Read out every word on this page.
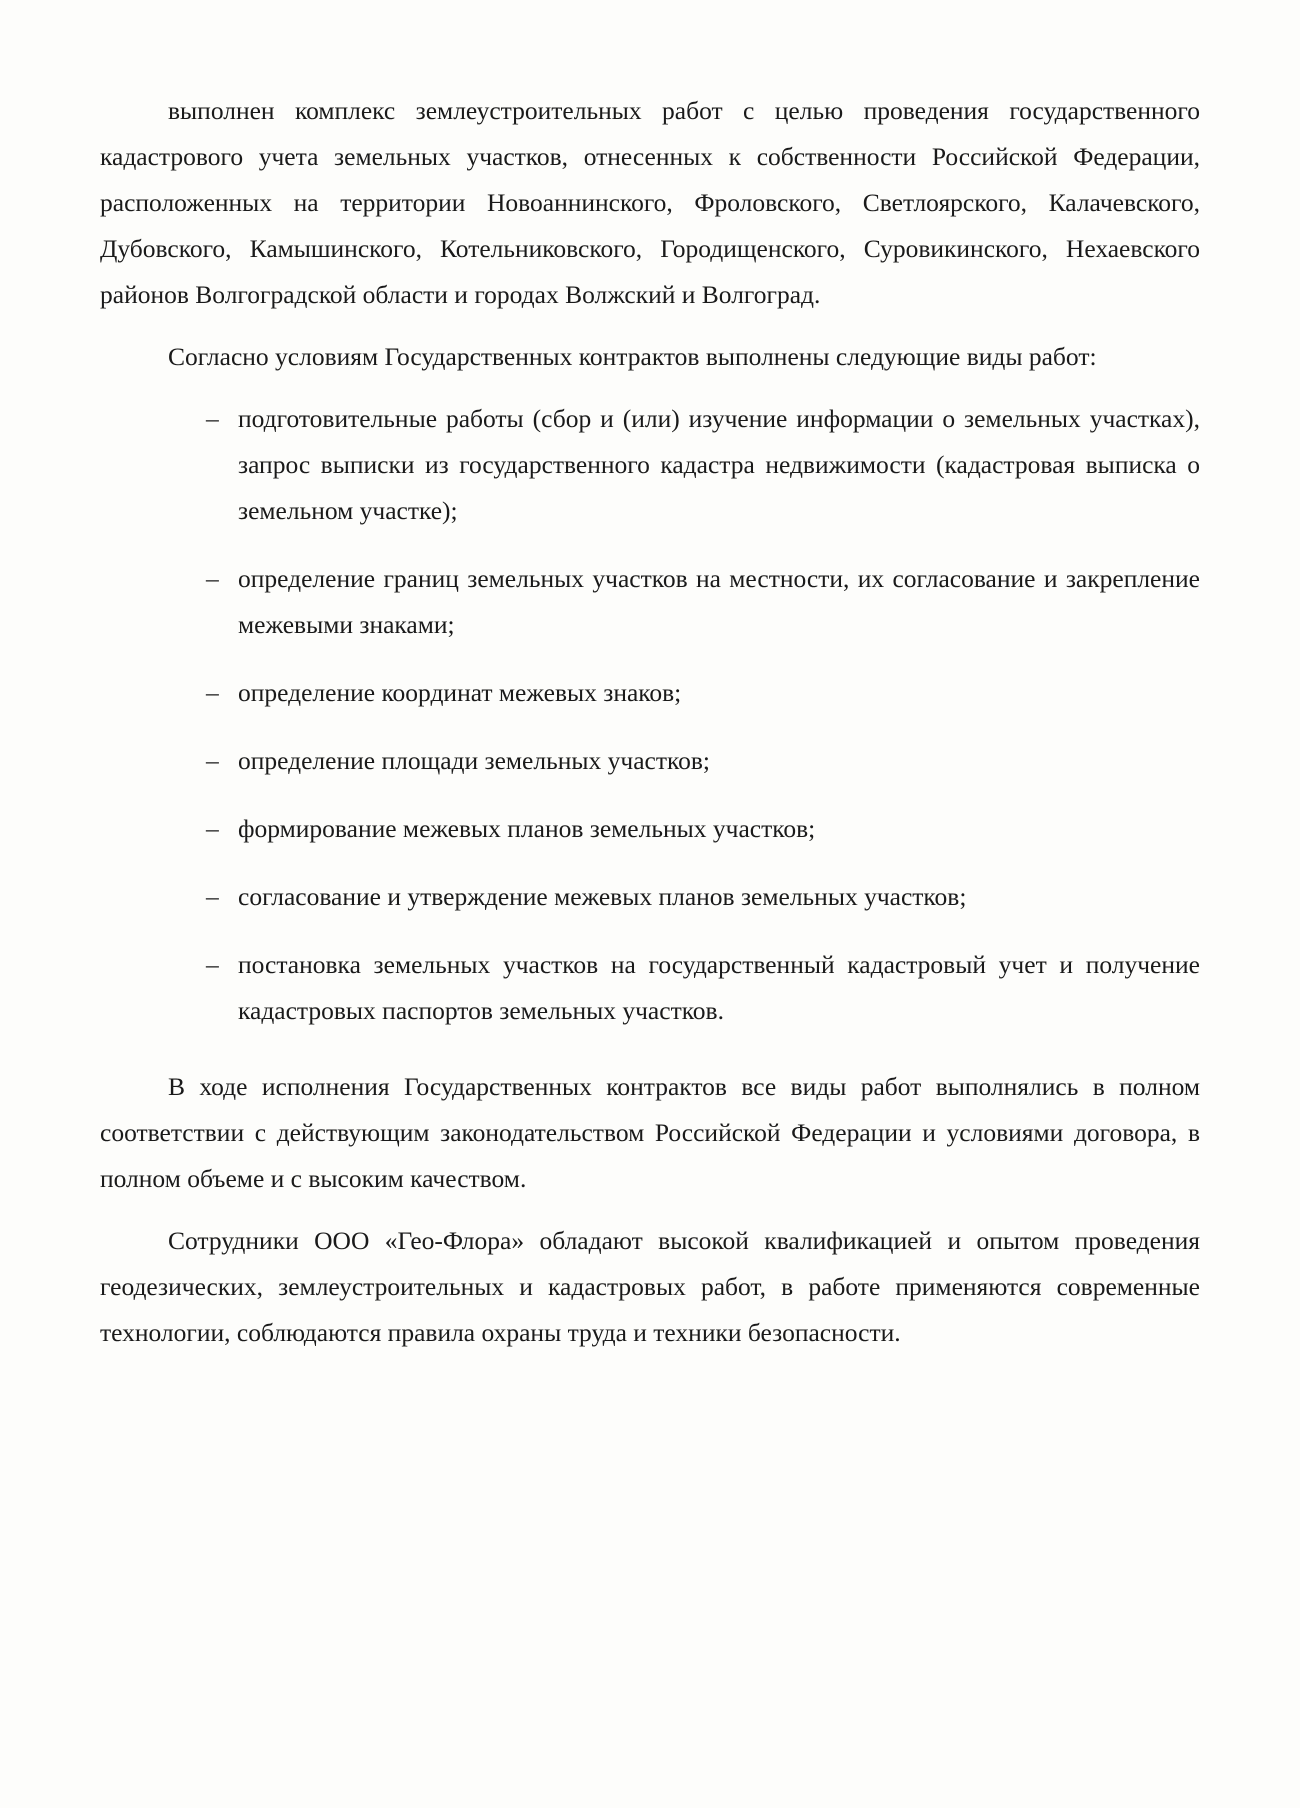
выполнен комплекс землеустроительных работ с целью проведения государственного кадастрового учета земельных участков, отнесенных к собственности Российской Федерации, расположенных на территории Новоаннинского, Фроловского, Светлоярского, Калачевского, Дубовского, Камышинского, Котельниковского, Городищенского, Суровикинского, Нехаевского районов Волгоградской области и городах Волжский и Волгоград.

Согласно условиям Государственных контрактов выполнены следующие виды работ:

– подготовительные работы (сбор и (или) изучение информации о земельных участках), запрос выписки из государственного кадастра недвижимости (кадастровая выписка о земельном участке);
– определение границ земельных участков на местности, их согласование и закрепление межевыми знаками;
– определение координат межевых знаков;
– определение площади земельных участков;
– формирование межевых планов земельных участков;
– согласование и утверждение межевых планов земельных участков;
– постановка земельных участков на государственный кадастровый учет и получение кадастровых паспортов земельных участков.

В ходе исполнения Государственных контрактов все виды работ выполнялись в полном соответствии с действующим законодательством Российской Федерации и условиями договора, в полном объеме и с высоким качеством.

Сотрудники ООО «Гео-Флора» обладают высокой квалификацией и опытом проведения геодезических, землеустроительных и кадастровых работ, в работе применяются современные технологии, соблюдаются правила охраны труда и техники безопасности.
